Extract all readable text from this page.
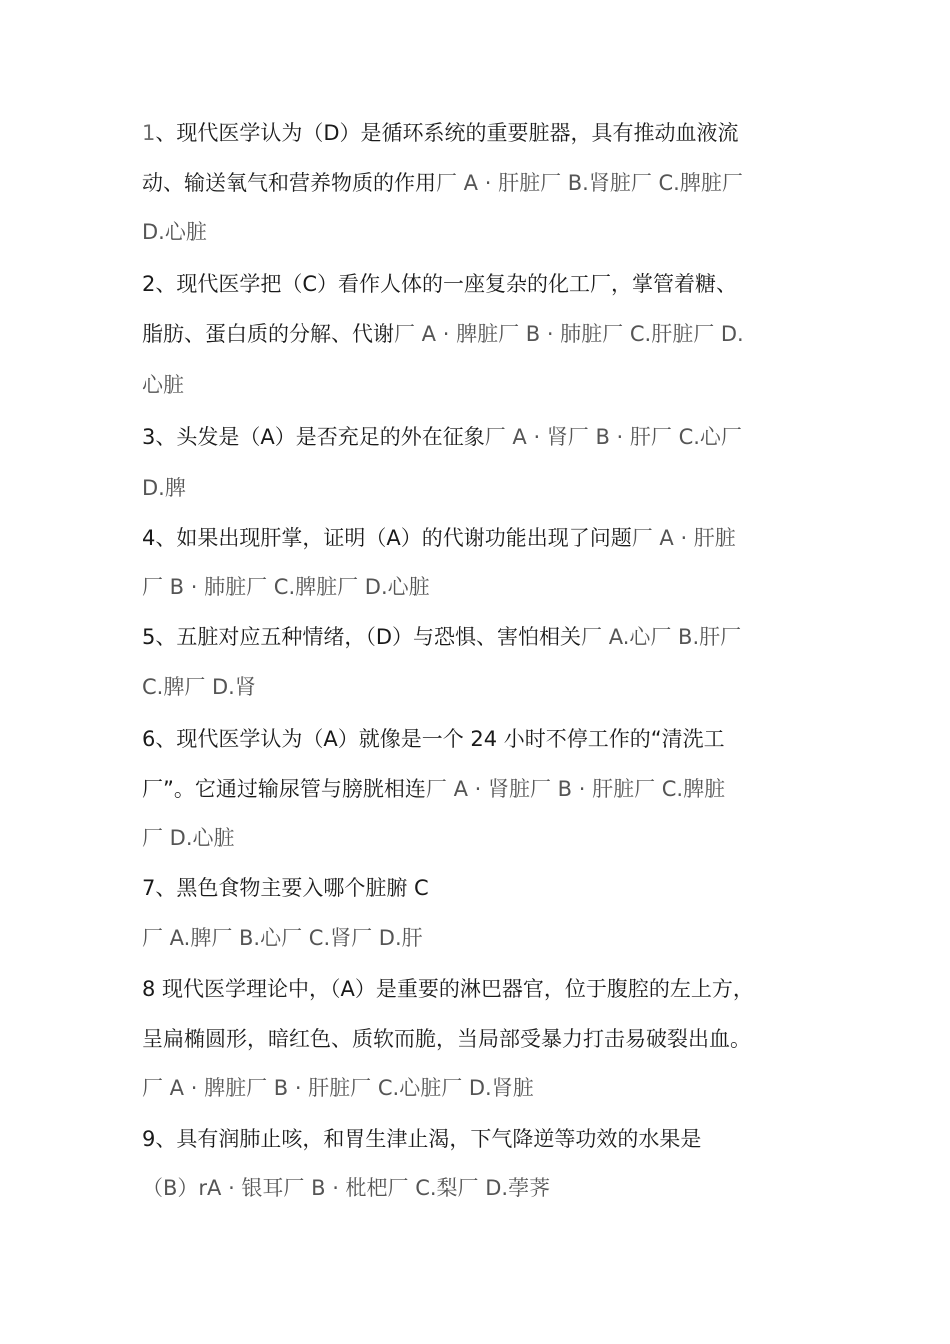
1、现代医学认为（D）是循环系统的重要脏器，具有推动血液流
动、输送氧气和营养物质的作用厂 A · 肝脏厂 B.肾脏厂 C.脾脏厂
D.心脏
2、现代医学把（C）看作人体的一座复杂的化工厂，掌管着糖、
脂肪、蛋白质的分解、代谢厂 A · 脾脏厂 B · 肺脏厂 C.肝脏厂 D.
心脏
3、头发是（A）是否充足的外在征象厂 A · 肾厂 B · 肝厂 C.心厂
D.脾
4、如果出现肝掌，证明（A）的代谢功能出现了问题厂 A · 肝脏
厂 B · 肺脏厂 C.脾脏厂 D.心脏
5、五脏对应五种情绪，（D）与恐惧、害怕相关厂 A.心厂 B.肝厂
C.脾厂 D.肾
6、现代医学认为（A）就像是一个 24 小时不停工作的“清洗工
厂”。它通过输尿管与膀胱相连厂 A · 肾脏厂 B · 肝脏厂 C.脾脏
厂 D.心脏
7、黑色食物主要入哪个脏腑 C
厂 A.脾厂 B.心厂 C.肾厂 D.肝
8 现代医学理论中，（A）是重要的淋巴器官，位于腹腔的左上方，
呈扁椭圆形，暗红色、质软而脆，当局部受暴力打击易破裂出血。
厂 A · 脾脏厂 B · 肝脏厂 C.心脏厂 D.肾脏
9、具有润肺止咳，和胃生津止渴，下气降逆等功效的水果是
（B）rA · 银耳厂 B · 枇杷厂 C.梨厂 D.荸荠
